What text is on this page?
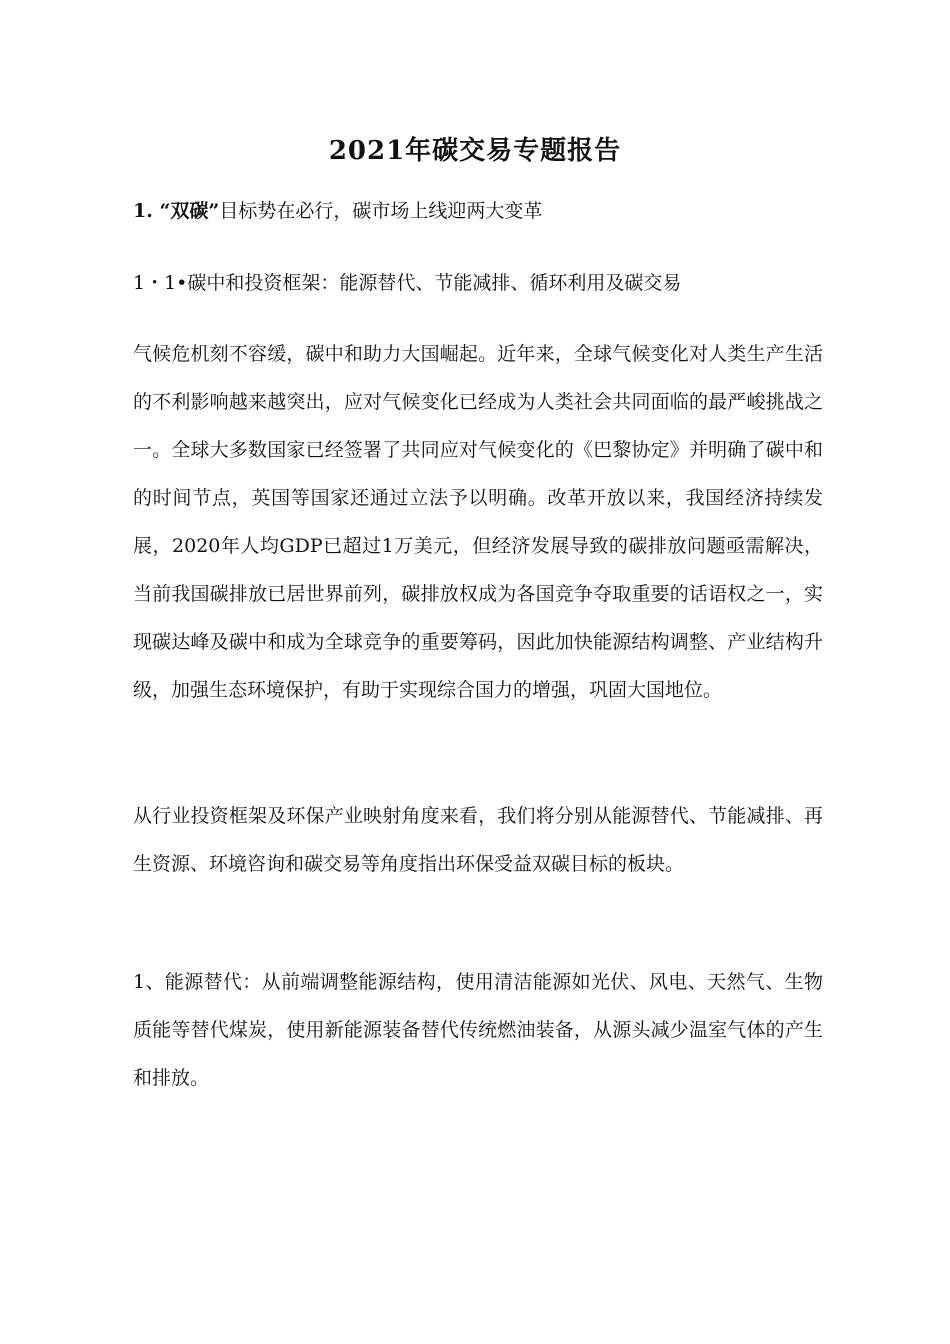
2021年碳交易专题报告

1. “双碳”目标势在必行，碳市场上线迎两大变革

1・1•碳中和投资框架：能源替代、节能减排、循环利用及碳交易

气候危机刻不容缓，碳中和助力大国崛起。近年来，全球气候变化对人类生产生活的不利影响越来越突出，应对气候变化已经成为人类社会共同面临的最严峻挑战之一。全球大多数国家已经签署了共同应对气候变化的《巴黎协定》并明确了碳中和的时间节点，英国等国家还通过立法予以明确。改革开放以来，我国经济持续发展，2020年人均GDP已超过1万美元，但经济发展导致的碳排放问题亟需解决，当前我国碳排放已居世界前列，碳排放权成为各国竞争夺取重要的话语权之一，实现碳达峰及碳中和成为全球竞争的重要筹码，因此加快能源结构调整、产业结构升级，加强生态环境保护，有助于实现综合国力的增强，巩固大国地位。

从行业投资框架及环保产业映射角度来看，我们将分别从能源替代、节能减排、再生资源、环境咨询和碳交易等角度指出环保受益双碳目标的板块。

1、能源替代：从前端调整能源结构，使用清洁能源如光伏、风电、天然气、生物质能等替代煤炭，使用新能源装备替代传统燃油装备，从源头减少温室气体的产生和排放。
